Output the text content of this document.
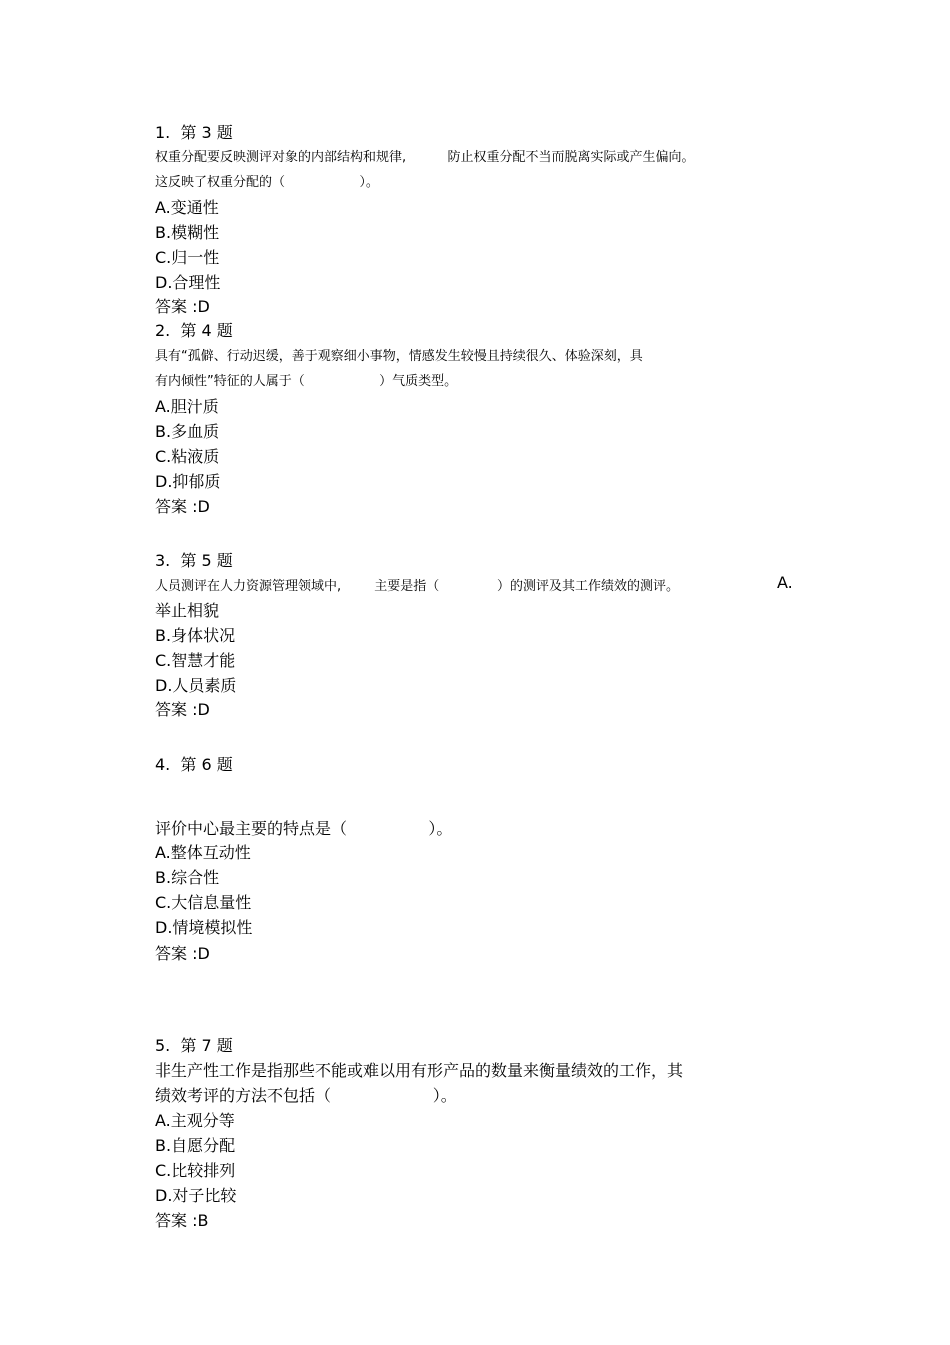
1.  第 3 题
权重分配要反映测评对象的内部结构和规律,          防止权重分配不当而脱离实际或产生偏向。
这反映了权重分配的（                  ）。
A.变通性
B.模糊性
C.归一性
D.合理性
答案 :D
2.  第 4 题
具有“孤僻、行动迟缓，善于观察细小事物，情感发生较慢且持续很久、体验深刻，具
有内倾性”特征的人属于（                  ）气质类型。
A.胆汁质
B.多血质
C.粘液质
D.抑郁质
答案 :D
3.  第 5 题
人员测评在人力资源管理领域中,        主要是指（              ）的测评及其工作绩效的测评。	A.
举止相貌
B.身体状况
C.智慧才能
D.人员素质
答案 :D
4.  第 6 题
评价中心最主要的特点是（                ）。
A.整体互动性
B.综合性
C.大信息量性
D.情境模拟性
答案 :D
5.  第 7 题
非生产性工作是指那些不能或难以用有形产品的数量来衡量绩效的工作，其
绩效考评的方法不包括（                    ）。
A.主观分等
B.自愿分配
C.比较排列
D.对子比较
答案 :B
